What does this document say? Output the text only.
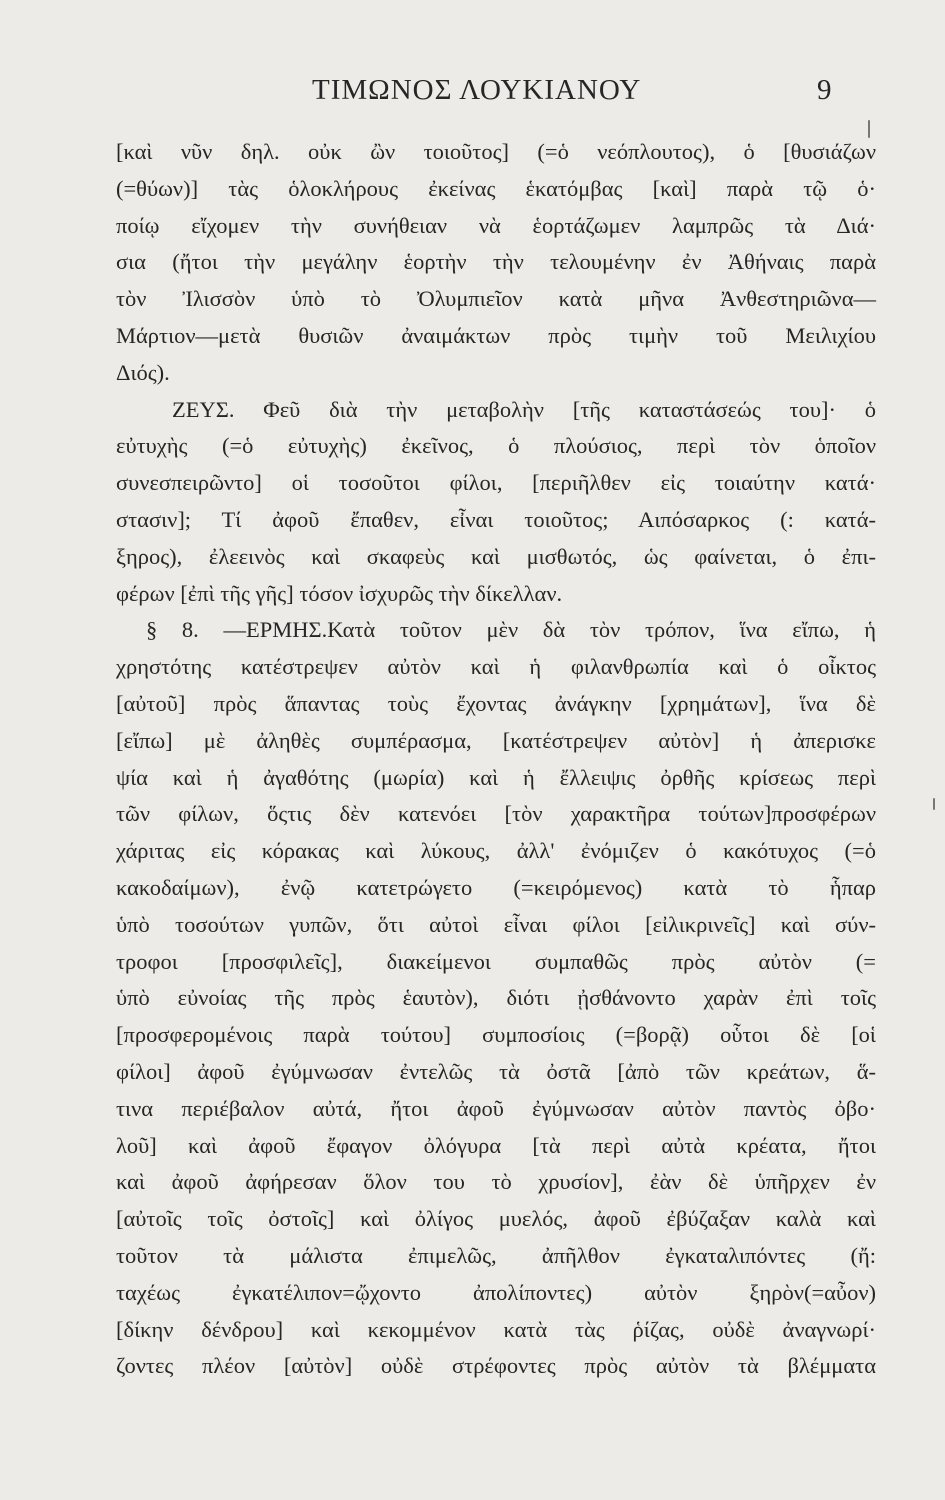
ΤΙΜΩΝΟΣ ΛΟΥΚΙΑΝΟΥ	9
[καὶ νῦν δηλ. οὐκ ὢν τοιοῦτος] (=ὁ νεόπλουτος), ὁ [θυσιάζων
(=θύων)] τὰς ὁλοκλήρους ἐκείνας ἑκατόμβας [καὶ] παρὰ τῷ ὁ·
ποίῳ εἴχομεν τὴν συνήθειαν νὰ ἑορτάζωμεν λαμπρῶς τὰ Διά·
σια (ἤτοι τὴν μεγάλην ἑορτὴν τὴν τελουμένην ἐν Ἀθήναις παρὰ
τὸν Ἰλισσὸν ὑπὸ τὸ Ὀλυμπιεῖον κατὰ μῆνα Ἀνθεστηριῶνα—
Μάρτιον—μετὰ θυσιῶν ἀναιμάκτων πρὸς τιμὴν τοῦ Μειλιχίου
Διός).
ΖΕΥΣ. Φεῦ διὰ τὴν μεταβολὴν [τῆς καταστάσεώς του]· ὁ
εὐτυχὴς (=ὁ εὐτυχὴς) ἐκεῖνος, ὁ πλούσιος, περὶ τὸν ὁποῖον
συνεσπειρῶντο] οἱ τοσοῦτοι φίλοι, [περιῆλθεν εἰς τοιαύτην κατά·
στασιν]; Τί ἀφοῦ ἔπαθεν, εἶναι τοιοῦτος; Αιπόσαρκος (: κατά-
ξηρος), ἐλεεινὸς καὶ σκαφεὺς καὶ μισθωτός, ὡς φαίνεται, ὁ ἐπι-
φέρων [ἐπὶ τῆς γῆς] τόσον ἰσχυρῶς τὴν δίκελλαν.
§ 8. —ΕΡΜΗΣ.Κατὰ τοῦτον μὲν δὰ τὸν τρόπον, ἵνα εἴπω, ἡ
χρηστότης κατέστρεψεν αὐτὸν καὶ ἡ φιλανθρωπία καὶ ὁ οἶκτος
[αὐτοῦ] πρὸς ἅπαντας τοὺς ἔχοντας ἀνάγκην [χρημάτων], ἵνα δὲ
[εἴπω] μὲ ἀληθὲς συμπέρασμα, [κατέστρεψεν αὐτὸν] ἡ ἀπερισκε
ψία καὶ ἡ ἀγαθότης (μωρία) καὶ ἡ ἔλλειψις ὀρθῆς κρίσεως περὶ
τῶν φίλων, ὅςτις δὲν κατενόει [τὸν χαρακτῆρα τούτων]προσφέρων
χάριτας εἰς κόρακας καὶ λύκους, ἀλλ' ἐνόμιζεν ὁ κακότυχος (=ὁ
κακοδαίμων), ἐνῷ κατετρώγετο (=κειρόμενος) κατὰ τὸ ἧπαρ
ὑπὸ τοσούτων γυπῶν, ὅτι αὐτοὶ εἶναι φίλοι [εἰλικρινεῖς] καὶ σύν-
τροφοι [προσφιλεῖς], διακείμενοι συμπαθῶς πρὸς αὐτὸν (=
ὑπὸ εὐνοίας τῆς πρὸς ἑαυτὸν), διότι ᾐσθάνοντο χαρὰν ἐπὶ τοῖς
[προσφερομένοις παρὰ τούτου] συμποσίοις (=βορᾷ) οὗτοι δὲ [οἱ
φίλοι] ἀφοῦ ἐγύμνωσαν ἐντελῶς τὰ ὀστᾶ [ἀπὸ τῶν κρεάτων, ἅ-
τινα περιέβαλον αὐτά, ἤτοι ἀφοῦ ἐγύμνωσαν αὐτὸν παντὸς ὀβο·
λοῦ] καὶ ἀφοῦ ἔφαγον ὀλόγυρα [τὰ περὶ αὐτὰ κρέατα, ἤτοι
καὶ ἀφοῦ ἀφήρεσαν ὅλον του τὸ χρυσίον], ἐὰν δὲ ὑπῆρχεν ἐν
[αὐτοῖς τοῖς ὀστοῖς] καὶ ὀλίγος μυελός, ἀφοῦ ἐβύζαξαν καλὰ καὶ
τοῦτον τὰ μάλιστα ἐπιμελῶς, ἀπῆλθον ἐγκαταλιπόντες (ἤ:
ταχέως ἐγκατέλιπον=ᾤχοντο ἀπολίποντες) αὐτὸν ξηρὸν(=αὖον)
[δίκην δένδρου] καὶ κεκομμένον κατὰ τὰς ῥίζας, οὐδὲ ἀναγνωρί·
ζοντες πλέον [αὐτὸν] οὐδὲ στρέφοντες πρὸς αὐτὸν τὰ βλέμματα
